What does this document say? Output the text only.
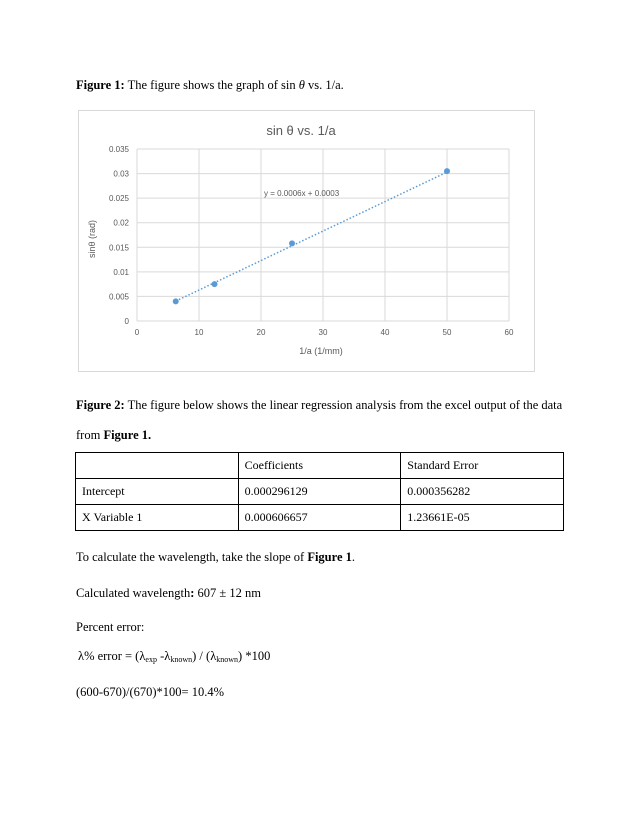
Figure 1: The figure shows the graph of sin θ vs. 1/a.
sin θ vs. 1/a
0
0.005
0.01
0.015
0.02
0.025
0.03
0.035
0	10	20	30	40	50	60
y = 0.0006x + 0.0003
1/a (1/mm)
sinθ (rad)
Figure 2: The figure below shows the linear regression analysis from the excel output of the data
from Figure 1.
	Coefficients	Standard Error
Intercept	0.000296129	0.000356282
X Variable 1	0.000606657	1.23661E-05
To calculate the wavelength, take the slope of Figure 1.
Calculated wavelength: 607 ± 12 nm
Percent error:
λ% error = ($\lambda_{exp}$ $-\lambda_{known}) / (\lambda_{known})$ *100
(600-670)/(670)*100= 10.4%
